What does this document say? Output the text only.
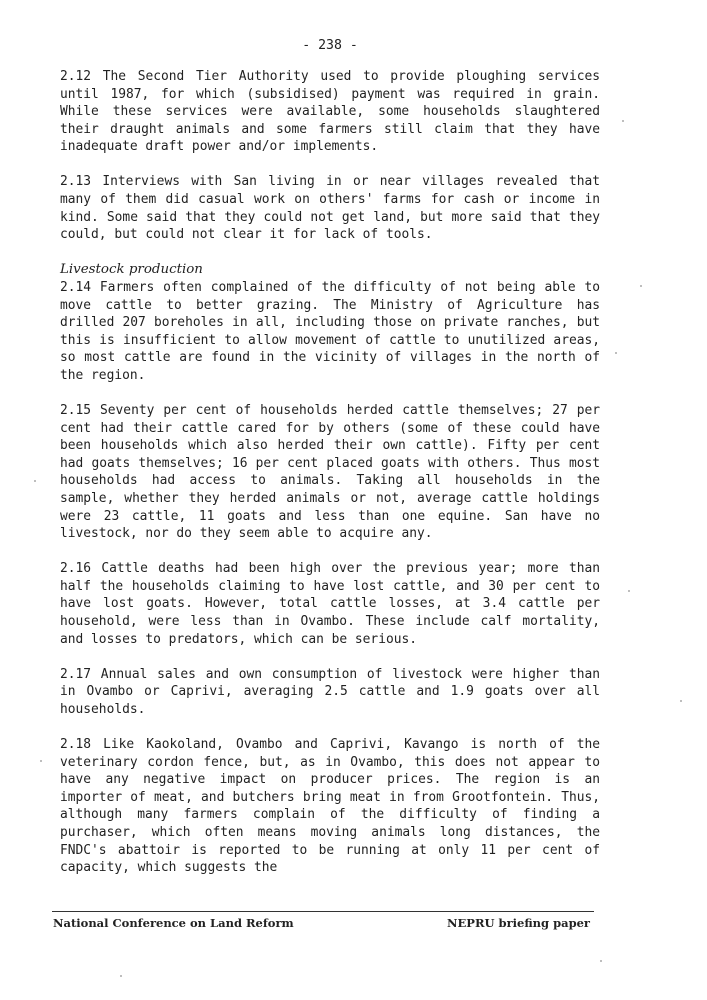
- 238 -

2.12 The Second Tier Authority used to provide ploughing services until 1987, for which (subsidised) payment was required in grain. While these services were available, some households slaughtered their draught animals and some farmers still claim that they have inadequate draft power and/or implements.

2.13 Interviews with San living in or near villages revealed that many of them did casual work on others' farms for cash or income in kind. Some said that they could not get land, but more said that they could, but could not clear it for lack of tools.

Livestock production

2.14 Farmers often complained of the difficulty of not being able to move cattle to better grazing. The Ministry of Agriculture has drilled 207 boreholes in all, including those on private ranches, but this is insufficient to allow movement of cattle to unutilized areas, so most cattle are found in the vicinity of villages in the north of the region.

2.15 Seventy per cent of households herded cattle themselves; 27 per cent had their cattle cared for by others (some of these could have been households which also herded their own cattle). Fifty per cent had goats themselves; 16 per cent placed goats with others. Thus most households had access to animals. Taking all households in the sample, whether they herded animals or not, average cattle holdings were 23 cattle, 11 goats and less than one equine. San have no livestock, nor do they seem able to acquire any.

2.16 Cattle deaths had been high over the previous year; more than half the households claiming to have lost cattle, and 30 per cent to have lost goats. However, total cattle losses, at 3.4 cattle per household, were less than in Ovambo. These include calf mortality, and losses to predators, which can be serious.

2.17 Annual sales and own consumption of livestock were higher than in Ovambo or Caprivi, averaging 2.5 cattle and 1.9 goats over all households.

2.18 Like Kaokoland, Ovambo and Caprivi, Kavango is north of the veterinary cordon fence, but, as in Ovambo, this does not appear to have any negative impact on producer prices. The region is an importer of meat, and butchers bring meat in from Grootfontein. Thus, although many farmers complain of the difficulty of finding a purchaser, which often means moving animals long distances, the FNDC's abattoir is reported to be running at only 11 per cent of capacity, which suggests the

National Conference on Land Reform	NEPRU briefing paper
